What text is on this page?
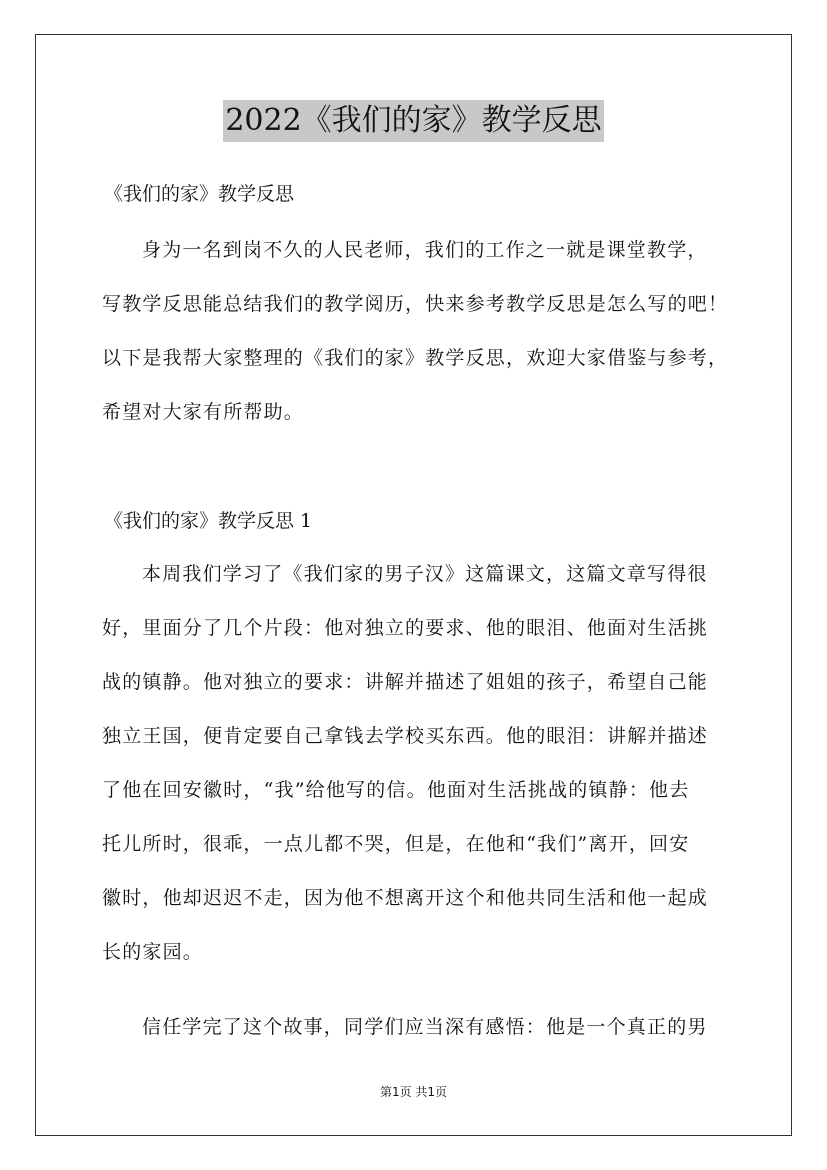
2022《我们的家》教学反思
《我们的家》教学反思
身为一名到岗不久的人民老师，我们的工作之一就是课堂教学，
写教学反思能总结我们的教学阅历，快来参考教学反思是怎么写的吧！
以下是我帮大家整理的《我们的家》教学反思，欢迎大家借鉴与参考，
希望对大家有所帮助。
《我们的家》教学反思 1
本周我们学习了《我们家的男子汉》这篇课文，这篇文章写得很
好，里面分了几个片段：他对独立的要求、他的眼泪、他面对生活挑
战的镇静。他对独立的要求：讲解并描述了姐姐的孩子，希望自己能
独立王国，便肯定要自己拿钱去学校买东西。他的眼泪：讲解并描述
了他在回安徽时，“我”给他写的信。他面对生活挑战的镇静：他去
托儿所时，很乖，一点儿都不哭，但是，在他和“我们”离开，回安
徽时，他却迟迟不走，因为他不想离开这个和他共同生活和他一起成
长的家园。
信任学完了这个故事，同学们应当深有感悟：他是一个真正的男
第1页 共1页
